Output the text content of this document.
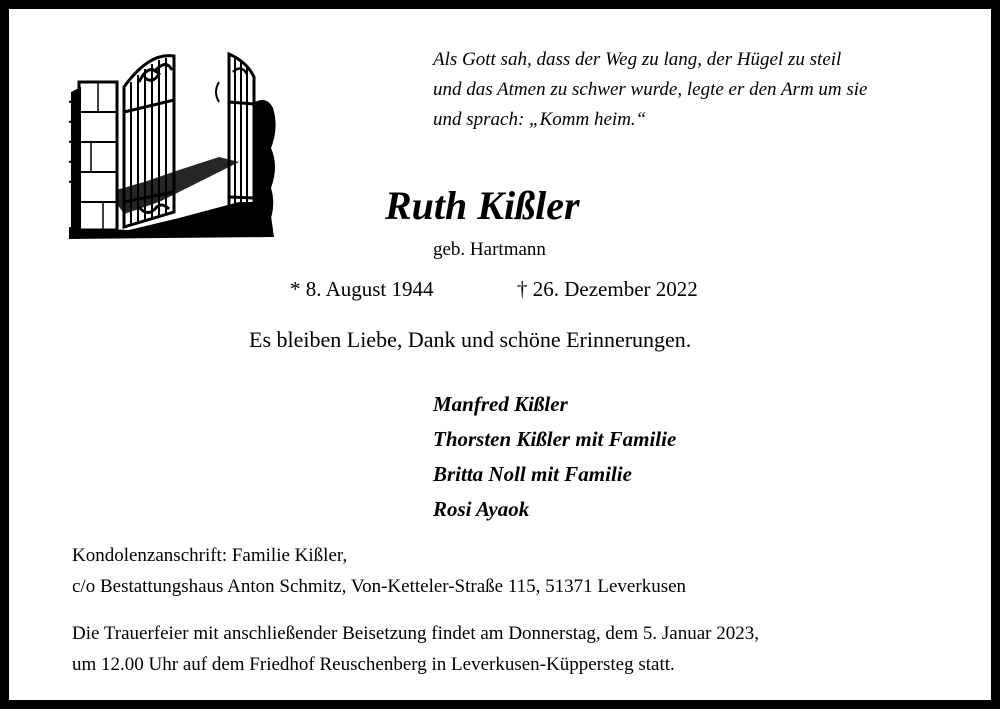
Als Gott sah, dass der Weg zu lang, der Hügel zu steil
und das Atmen zu schwer wurde, legte er den Arm um sie
und sprach: „Komm heim.“
Ruth Kißler
geb. Hartmann
* 8. August 1944	† 26. Dezember 2022
Es bleiben Liebe, Dank und schöne Erinnerungen.
Manfred Kißler
Thorsten Kißler mit Familie
Britta Noll mit Familie
Rosi Ayaok
Kondolenzanschrift: Familie Kißler,
c/o Bestattungshaus Anton Schmitz, Von-Ketteler-Straße 115, 51371 Leverkusen
Die Trauerfeier mit anschließender Beisetzung findet am Donnerstag, dem 5. Januar 2023,
um 12.00 Uhr auf dem Friedhof Reuschenberg in Leverkusen-Küppersteg statt.
